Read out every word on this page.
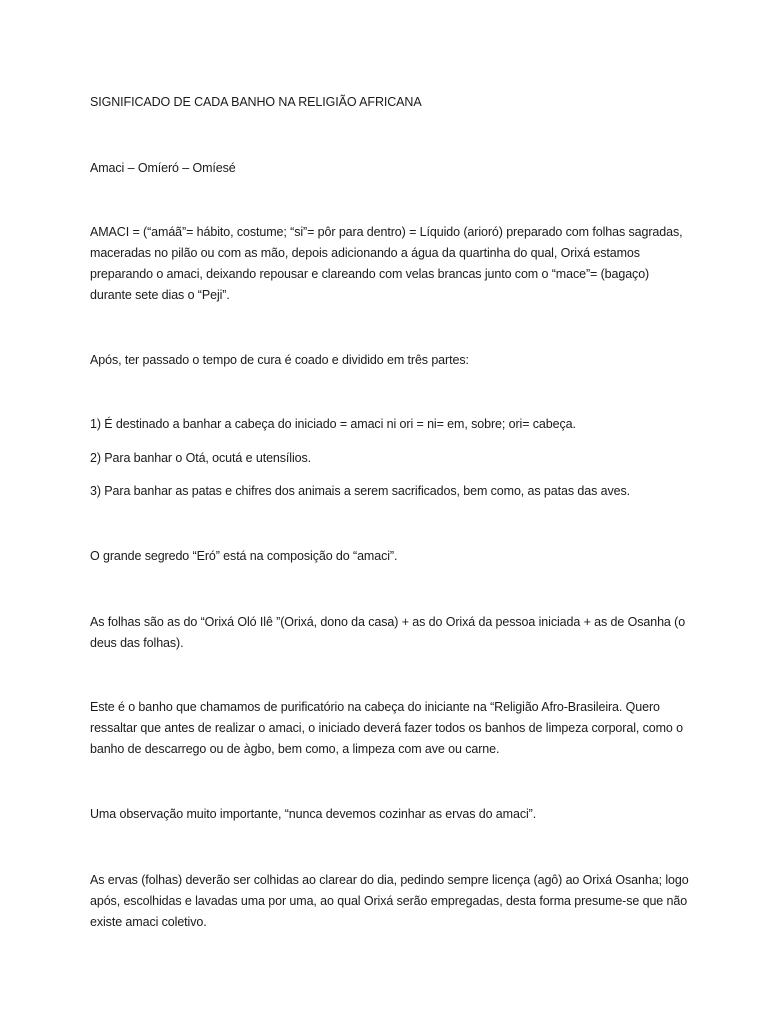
SIGNIFICADO DE CADA BANHO NA RELIGIÃO AFRICANA

Amaci – Omíeró – Omíesé

AMACI = (“amáã”= hábito, costume; “si”= pôr para dentro) = Líquido (arioró) preparado com folhas sagradas, maceradas no pilão ou com as mão, depois adicionando a água da quartinha do qual, Orixá estamos preparando o amaci, deixando repousar e clareando com velas brancas junto com o “mace”= (bagaço) durante sete dias o “Peji”.

Após, ter passado o tempo de cura é coado e dividido em três partes:

1) É destinado a banhar a cabeça do iniciado = amaci ni ori = ni= em, sobre; ori= cabeça.

2) Para banhar o Otá, ocutá e utensílios.

3) Para banhar as patas e chifres dos animais a serem sacrificados, bem como, as patas das aves.

O grande segredo “Eró” está na composição do “amaci”.

As folhas são as do “Orixá Oló Ilê ”(Orixá, dono da casa) + as do Orixá da pessoa iniciada + as de Osanha (o deus das folhas).

Este é o banho que chamamos de purificatório na cabeça do iniciante na “Religião Afro-Brasileira. Quero ressaltar que antes de realizar o amaci, o iniciado deverá fazer todos os banhos de limpeza corporal, como o banho de descarrego ou de àgbo, bem como, a limpeza com ave ou carne.

Uma observação muito importante, “nunca devemos cozinhar as ervas do amaci”.

As ervas (folhas) deverão ser colhidas ao clarear do dia, pedindo sempre licença (agô) ao Orixá Osanha; logo após, escolhidas e lavadas uma por uma, ao qual Orixá serão empregadas, desta forma presume-se que não existe amaci coletivo.
